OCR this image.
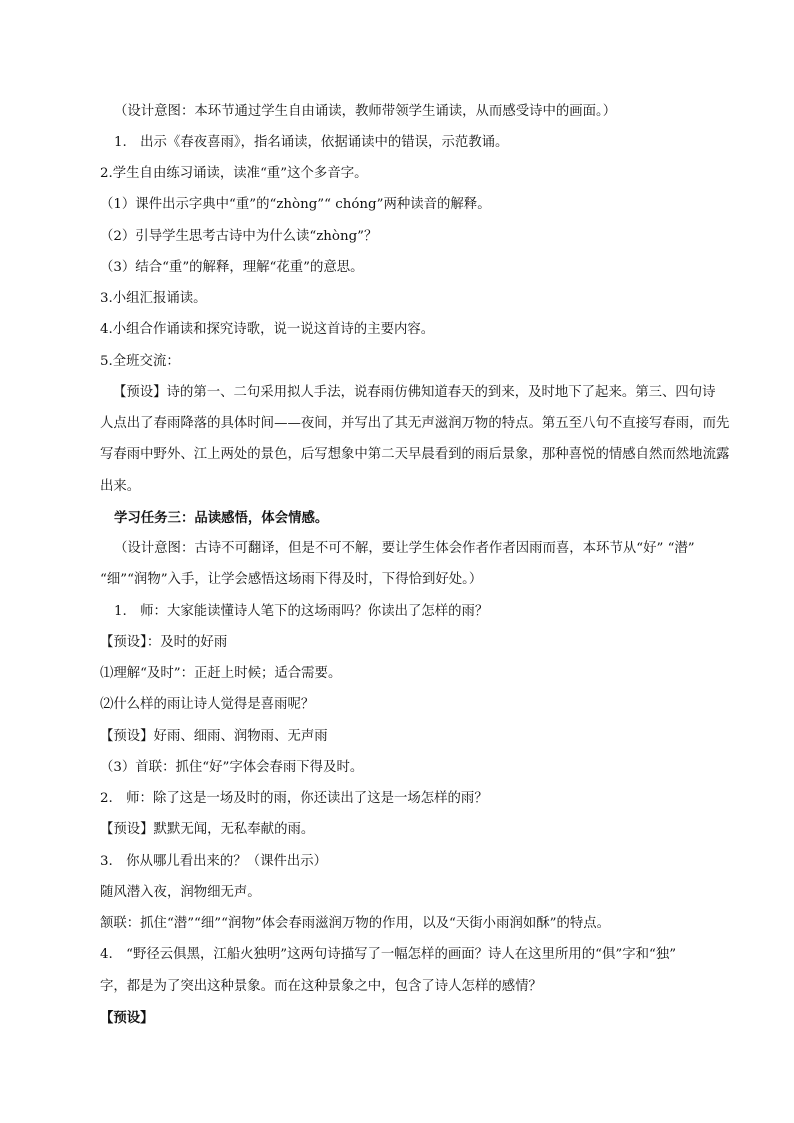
（设计意图：本环节通过学生自由诵读，教师带领学生诵读，从而感受诗中的画面。）
1.　出示《春夜喜雨》，指名诵读，依据诵读中的错误，示范教诵。
2.学生自由练习诵读，读准“重”这个多音字。
（1）课件出示字典中“重”的“zhòng”“ chóng”两种读音的解释。
（2）引导学生思考古诗中为什么读“zhòng”？
（3）结合“重”的解释，理解“花重”的意思。
3.小组汇报诵读。
4.小组合作诵读和探究诗歌，说一说这首诗的主要内容。
5.全班交流：
【预设】诗的第一、二句采用拟人手法，说春雨仿佛知道春天的到来，及时地下了起来。第三、四句诗
人点出了春雨降落的具体时间——夜间，并写出了其无声滋润万物的特点。第五至八句不直接写春雨，而先
写春雨中野外、江上两处的景色，后写想象中第二天早晨看到的雨后景象，那种喜悦的情感自然而然地流露
出来。
学习任务三：品读感悟，体会情感。
（设计意图：古诗不可翻译，但是不可不解，要让学生体会作者作者因雨而喜，本环节从“好” “潜”
“细”“润物”入手，让学会感悟这场雨下得及时，下得恰到好处。）
1.　师：大家能读懂诗人笔下的这场雨吗？你读出了怎样的雨？
【预设】：及时的好雨
⑴理解“及时”：正赶上时候；适合需要。
⑵什么样的雨让诗人觉得是喜雨呢？
【预设】好雨、细雨、润物雨、无声雨
（3）首联：抓住“好”字体会春雨下得及时。
2.　师：除了这是一场及时的雨，你还读出了这是一场怎样的雨？
【预设】默默无闻，无私奉献的雨。
3.　你从哪儿看出来的？（课件出示）
随风潜入夜，润物细无声。
颔联：抓住“潜”“细”“润物”体会春雨滋润万物的作用，以及“天街小雨润如酥”的特点。
4.　“野径云俱黑，江船火独明”这两句诗描写了一幅怎样的画面？诗人在这里所用的“俱”字和“独”
字，都是为了突出这种景象。而在这种景象之中，包含了诗人怎样的感情？
【预设】
